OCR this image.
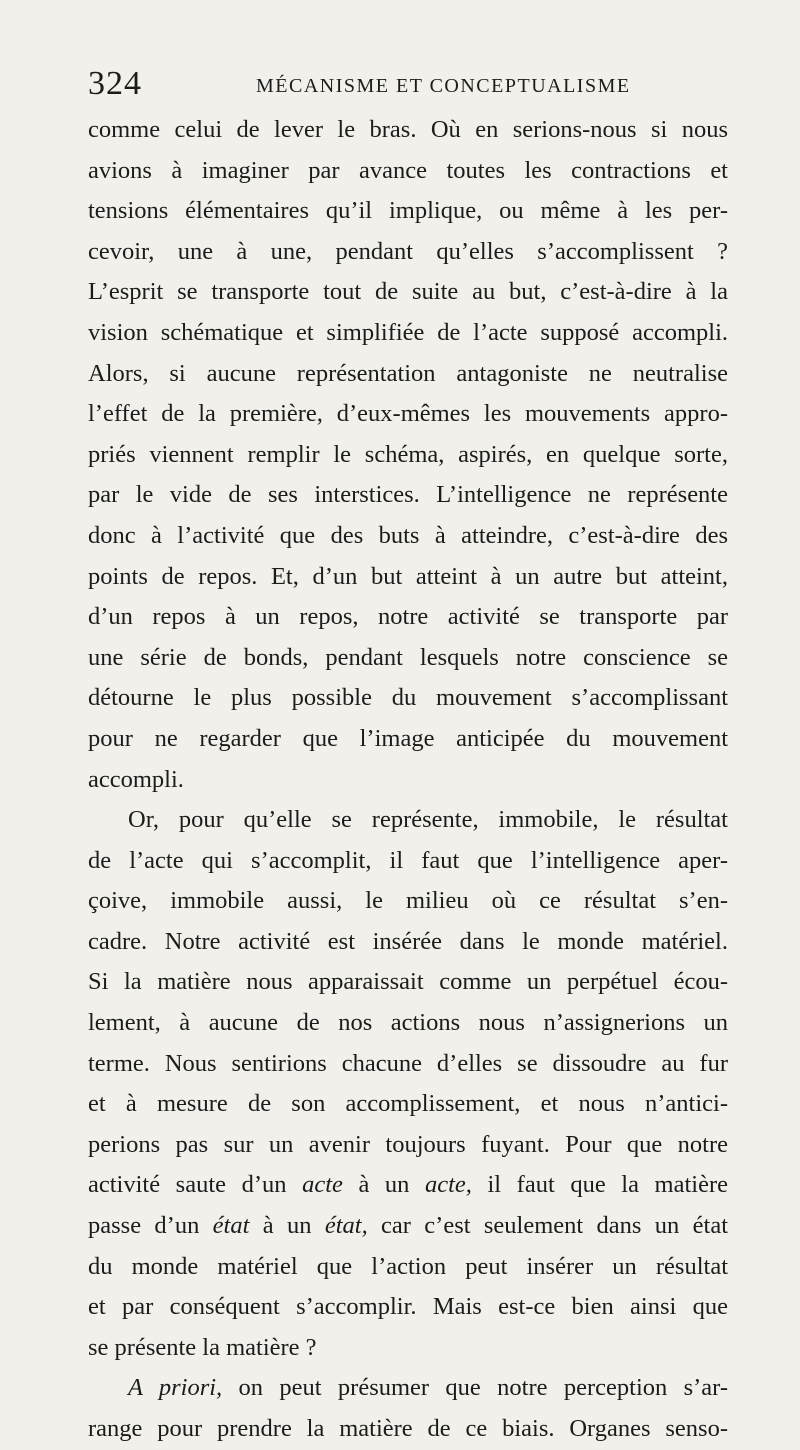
324	MÉCANISME ET CONCEPTUALISME
comme celui de lever le bras. Où en serions-nous si nous
avions à imaginer par avance toutes les contractions et
tensions élémentaires qu’il implique, ou même à les per-
cevoir, une à une, pendant qu’elles s’accomplissent ?
L’esprit se transporte tout de suite au but, c’est-à-dire à la
vision schématique et simplifiée de l’acte supposé accompli.
Alors, si aucune représentation antagoniste ne neutralise
l’effet de la première, d’eux-mêmes les mouvements appro-
priés viennent remplir le schéma, aspirés, en quelque sorte,
par le vide de ses interstices. L’intelligence ne représente
donc à l’activité que des buts à atteindre, c’est-à-dire des
points de repos. Et, d’un but atteint à un autre but atteint,
d’un repos à un repos, notre activité se transporte par
une série de bonds, pendant lesquels notre conscience se
détourne le plus possible du mouvement s’accomplissant
pour ne regarder que l’image anticipée du mouvement
accompli.
Or, pour qu’elle se représente, immobile, le résultat
de l’acte qui s’accomplit, il faut que l’intelligence aper-
çoive, immobile aussi, le milieu où ce résultat s’en-
cadre. Notre activité est insérée dans le monde matériel.
Si la matière nous apparaissait comme un perpétuel écou-
lement, à aucune de nos actions nous n’assignerions un
terme. Nous sentirions chacune d’elles se dissoudre au fur
et à mesure de son accomplissement, et nous n’antici-
perions pas sur un avenir toujours fuyant. Pour que notre
activité saute d’un acte à un acte, il faut que la matière
passe d’un état à un état, car c’est seulement dans un état
du monde matériel que l’action peut insérer un résultat
et par conséquent s’accomplir. Mais est-ce bien ainsi que
se présente la matière ?
A priori, on peut présumer que notre perception s’ar-
range pour prendre la matière de ce biais. Organes senso-
